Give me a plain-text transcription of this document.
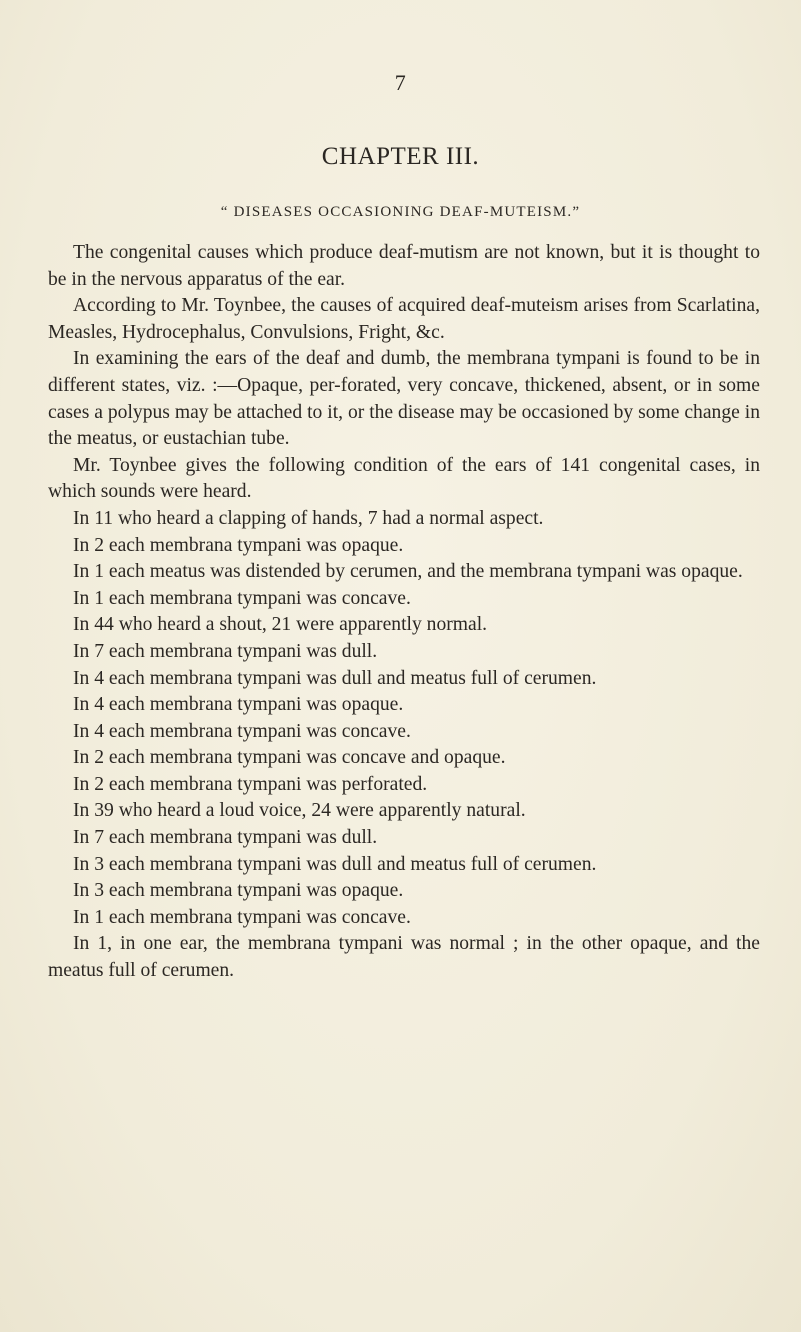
7
CHAPTER III.
“ DISEASES OCCASIONING DEAF-MUTEISM.”

The congenital causes which produce deaf-mutism are not known, but it is thought to be in the nervous apparatus of the ear.

According to Mr. Toynbee, the causes of acquired deaf-muteism arises from Scarlatina, Measles, Hydrocephalus, Convulsions, Fright, &c.

In examining the ears of the deaf and dumb, the membrana tympani is found to be in different states, viz. :—Opaque, per-forated, very concave, thickened, absent, or in some cases a polypus may be attached to it, or the disease may be occasioned by some change in the meatus, or eustachian tube.

Mr. Toynbee gives the following condition of the ears of 141 congenital cases, in which sounds were heard.

In 11 who heard a clapping of hands, 7 had a normal aspect.

In 2 each membrana tympani was opaque.

In 1 each meatus was distended by cerumen, and the membrana tympani was opaque.

In 1 each membrana tympani was concave.

In 44 who heard a shout, 21 were apparently normal.

In 7 each membrana tympani was dull.

In 4 each membrana tympani was dull and meatus full of cerumen.

In 4 each membrana tympani was opaque.

In 4 each membrana tympani was concave.

In 2 each membrana tympani was concave and opaque.

In 2 each membrana tympani was perforated.

In 39 who heard a loud voice, 24 were apparently natural.

In 7 each membrana tympani was dull.

In 3 each membrana tympani was dull and meatus full of cerumen.

In 3 each membrana tympani was opaque.

In 1 each membrana tympani was concave.

In 1, in one ear, the membrana tympani was normal ; in the other opaque, and the meatus full of cerumen.
